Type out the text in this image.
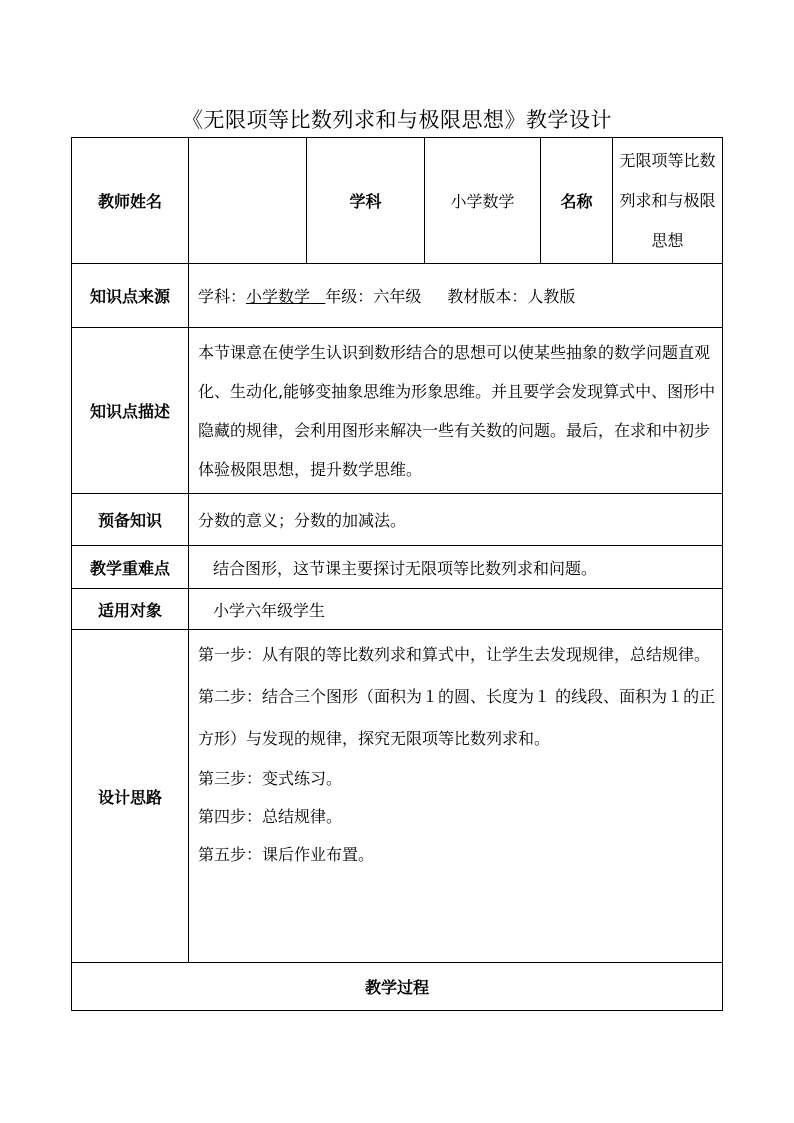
《无限项等比数列求和与极限思想》教学设计
教师姓名		学科	小学数学	名称	无限项等比数列求和与极限思想
知识点来源	学科：小学数学 年级：六年级 教材版本：人教版				
知识点描述	本节课意在使学生认识到数形结合的思想可以使某些抽象的数学问题直观化、生动化,能够变抽象思维为形象思维。并且要学会发现算式中、图形中隐藏的规律，会利用图形来解决一些有关数的问题。最后，在求和中初步体验极限思想，提升数学思维。				
预备知识	分数的意义；分数的加减法。				
教学重难点	结合图形，这节课主要探讨无限项等比数列求和问题。				
适用对象	小学六年级学生				
设计思路	第一步：从有限的等比数列求和算式中，让学生去发现规律，总结规律。

第二步：结合三个图形（面积为１的圆、长度为１ 的线段、面积为１的正方形）与发现的规律，探究无限项等比数列求和。

第三步：变式练习。

第四步：总结规律。

第五步：课后作业布置。				

教学过程					
